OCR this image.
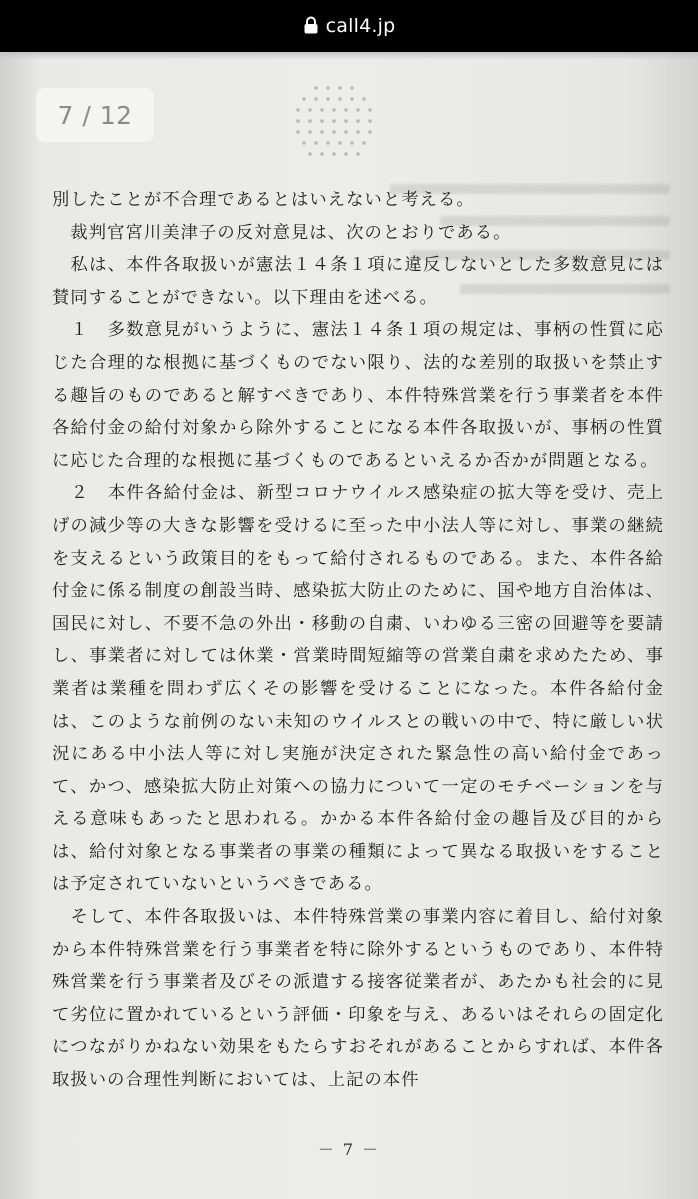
call4.jp
7 / 12

別したことが不合理であるとはいえないと考える。

　裁判官宮川美津子の反対意見は、次のとおりである。

　私は、本件各取扱いが憲法１４条１項に違反しないとした多数意見には賛同することができない。以下理由を述べる。

　１　多数意見がいうように、憲法１４条１項の規定は、事柄の性質に応じた合理的な根拠に基づくものでない限り、法的な差別的取扱いを禁止する趣旨のものであると解すべきであり、本件特殊営業を行う事業者を本件各給付金の給付対象から除外することになる本件各取扱いが、事柄の性質に応じた合理的な根拠に基づくものであるといえるか否かが問題となる。

　２　本件各給付金は、新型コロナウイルス感染症の拡大等を受け、売上げの減少等の大きな影響を受けるに至った中小法人等に対し、事業の継続を支えるという政策目的をもって給付されるものである。また、本件各給付金に係る制度の創設当時、感染拡大防止のために、国や地方自治体は、国民に対し、不要不急の外出・移動の自粛、いわゆる三密の回避等を要請し、事業者に対しては休業・営業時間短縮等の営業自粛を求めたため、事業者は業種を問わず広くその影響を受けることになった。本件各給付金は、このような前例のない未知のウイルスとの戦いの中で、特に厳しい状況にある中小法人等に対し実施が決定された緊急性の高い給付金であって、かつ、感染拡大防止対策への協力について一定のモチベーションを与える意味もあったと思われる。かかる本件各給付金の趣旨及び目的からは、給付対象となる事業者の事業の種類によって異なる取扱いをすることは予定されていないというべきである。

　そして、本件各取扱いは、本件特殊営業の事業内容に着目し、給付対象から本件特殊営業を行う事業者を特に除外するというものであり、本件特殊営業を行う事業者及びその派遣する接客従業者が、あたかも社会的に見て劣位に置かれているという評価・印象を与え、あるいはそれらの固定化につながりかねない効果をもたらすおそれがあることからすれば、本件各取扱いの合理性判断においては、上記の本件

－ 7 －
